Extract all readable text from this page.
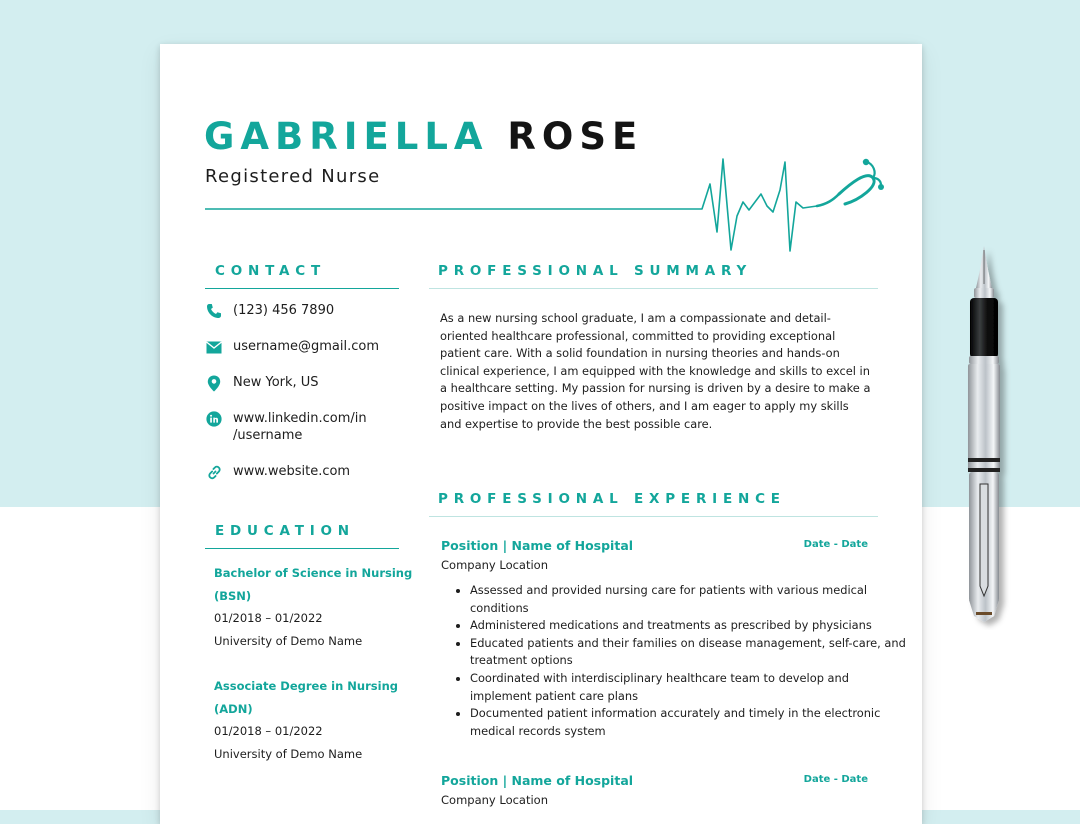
GABRIELLA ROSE
Registered Nurse
CONTACT
(123) 456 7890
username@gmail.com
New York, US
www.linkedin.com/in
/username
www.website.com
EDUCATION
Bachelor of Science in Nursing
(BSN)
01/2018 – 01/2022
University of Demo Name
Associate Degree in Nursing
(ADN)
01/2018 – 01/2022
University of Demo Name
PROFESSIONAL SUMMARY

As a new nursing school graduate, I am a compassionate and detail-oriented healthcare professional, committed to providing exceptional patient care. With a solid foundation in nursing theories and hands-on clinical experience, I am equipped with the knowledge and skills to excel in a healthcare setting. My passion for nursing is driven by a desire to make a positive impact on the lives of others, and I am eager to apply my skills and expertise to provide the best possible care.

PROFESSIONAL EXPERIENCE
Position | Name of Hospital	Date - Date
Company Location
• Assessed and provided nursing care for patients with various medical conditions
• Administered medications and treatments as prescribed by physicians
• Educated patients and their families on disease management, self-care, and treatment options
• Coordinated with interdisciplinary healthcare team to develop and implement patient care plans
• Documented patient information accurately and timely in the electronic medical records system
Position | Name of Hospital	Date - Date
Company Location
